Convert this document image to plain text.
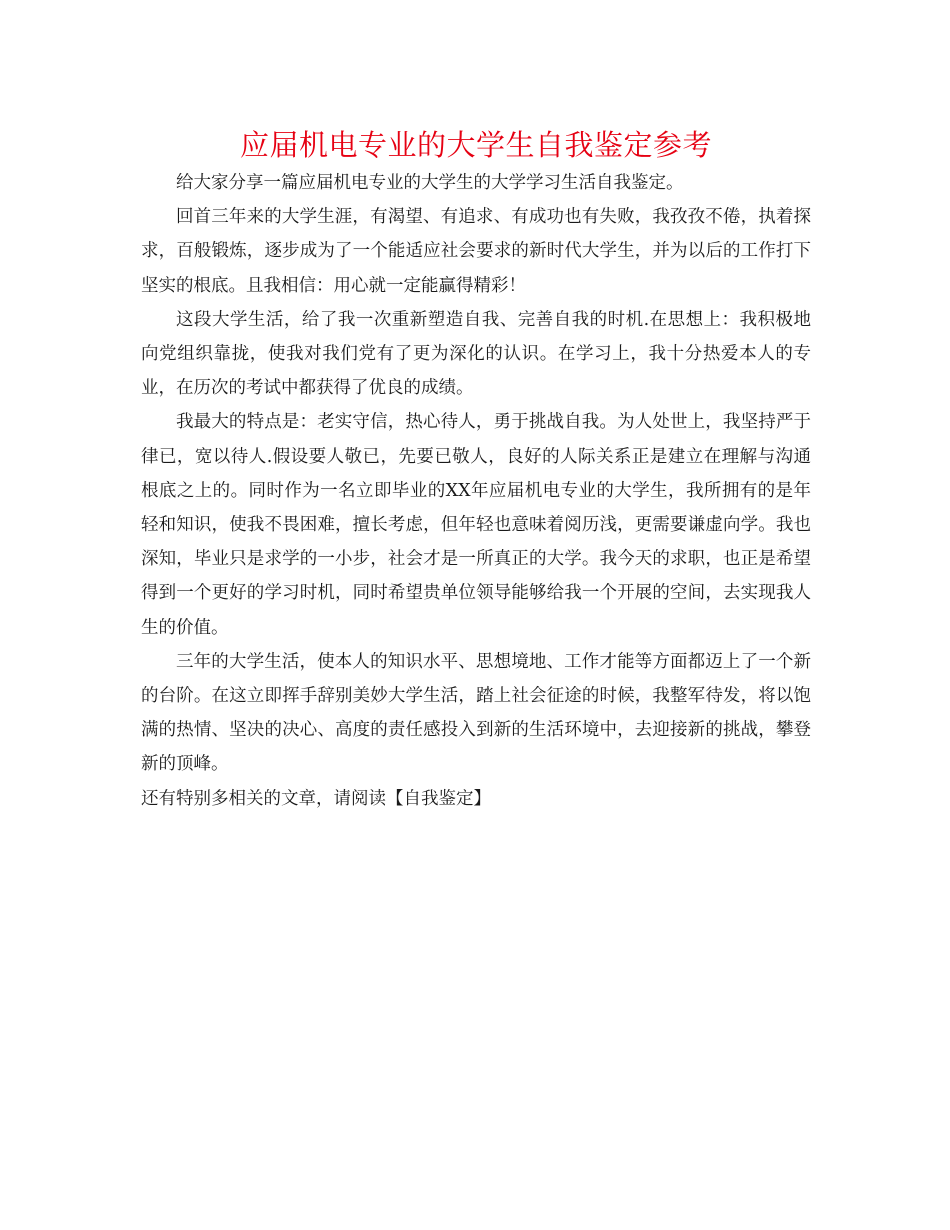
应届机电专业的大学生自我鉴定参考

给大家分享一篇应届机电专业的大学生的大学学习生活自我鉴定。

回首三年来的大学生涯，有渴望、有追求、有成功也有失败，我孜孜不倦，执着探求，百般锻炼，逐步成为了一个能适应社会要求的新时代大学生，并为以后的工作打下坚实的根底。且我相信：用心就一定能赢得精彩！

这段大学生活，给了我一次重新塑造自我、完善自我的时机.在思想上：我积极地向党组织靠拢，使我对我们党有了更为深化的认识。在学习上，我十分热爱本人的专业，在历次的考试中都获得了优良的成绩。

我最大的特点是：老实守信，热心待人，勇于挑战自我。为人处世上，我坚持严于律已，宽以待人.假设要人敬已，先要已敬人，良好的人际关系正是建立在理解与沟通根底之上的。同时作为一名立即毕业的XX年应届机电专业的大学生，我所拥有的是年轻和知识，使我不畏困难，擅长考虑，但年轻也意味着阅历浅，更需要谦虚向学。我也深知，毕业只是求学的一小步，社会才是一所真正的大学。我今天的求职，也正是希望得到一个更好的学习时机，同时希望贵单位领导能够给我一个开展的空间，去实现我人生的价值。

三年的大学生活，使本人的知识水平、思想境地、工作才能等方面都迈上了一个新的台阶。在这立即挥手辞别美妙大学生活，踏上社会征途的时候，我整军待发，将以饱满的热情、坚决的决心、高度的责任感投入到新的生活环境中，去迎接新的挑战，攀登新的顶峰。

还有特别多相关的文章，请阅读【自我鉴定】
